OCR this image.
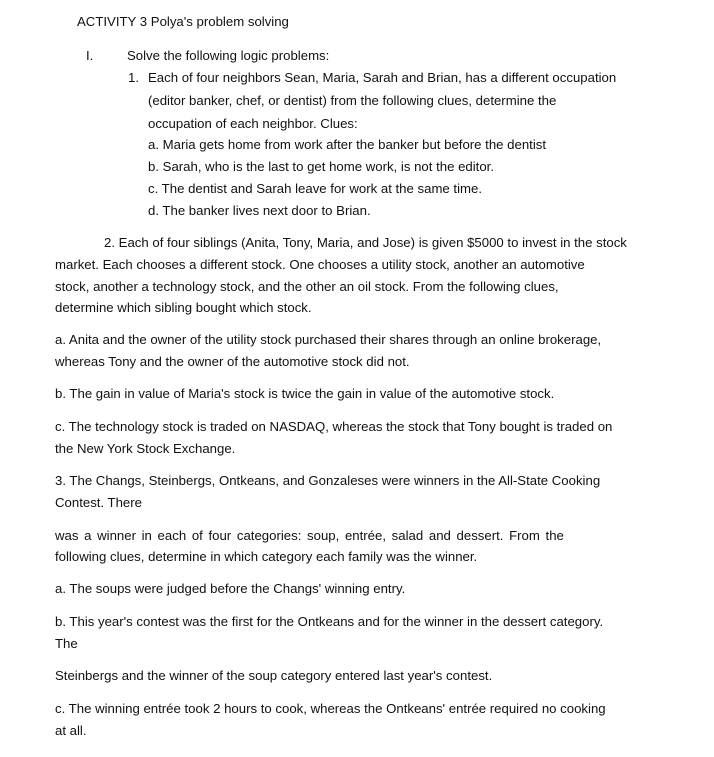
ACTIVITY 3 Polya's problem solving
I.	Solve the following logic problems:
1. Each of four neighbors Sean, Maria, Sarah and Brian, has a different occupation
(editor banker, chef, or dentist) from the following clues, determine the
occupation of each neighbor. Clues:
a. Maria gets home from work after the banker but before the dentist
b. Sarah, who is the last to get home work, is not the editor.
c. The dentist and Sarah leave for work at the same time.
d. The banker lives next door to Brian.
2. Each of four siblings (Anita, Tony, Maria, and Jose) is given $5000 to invest in the stock
market. Each chooses a different stock. One chooses a utility stock, another an automotive
stock, another a technology stock, and the other an oil stock. From the following clues,
determine which sibling bought which stock.
a. Anita and the owner of the utility stock purchased their shares through an online brokerage,
whereas Tony and the owner of the automotive stock did not.
b. The gain in value of Maria's stock is twice the gain in value of the automotive stock.
c. The technology stock is traded on NASDAQ, whereas the stock that Tony bought is traded on
the New York Stock Exchange.
3. The Changs, Steinbergs, Ontkeans, and Gonzaleses were winners in the All-State Cooking
Contest. There
was a winner in each of four categories: soup, entrée, salad and dessert. From the
following clues, determine in which category each family was the winner.
a. The soups were judged before the Changs' winning entry.
b. This year's contest was the first for the Ontkeans and for the winner in the dessert category.
The
Steinbergs and the winner of the soup category entered last year's contest.
c. The winning entrée took 2 hours to cook, whereas the Ontkeans' entrée required no cooking
at all.
